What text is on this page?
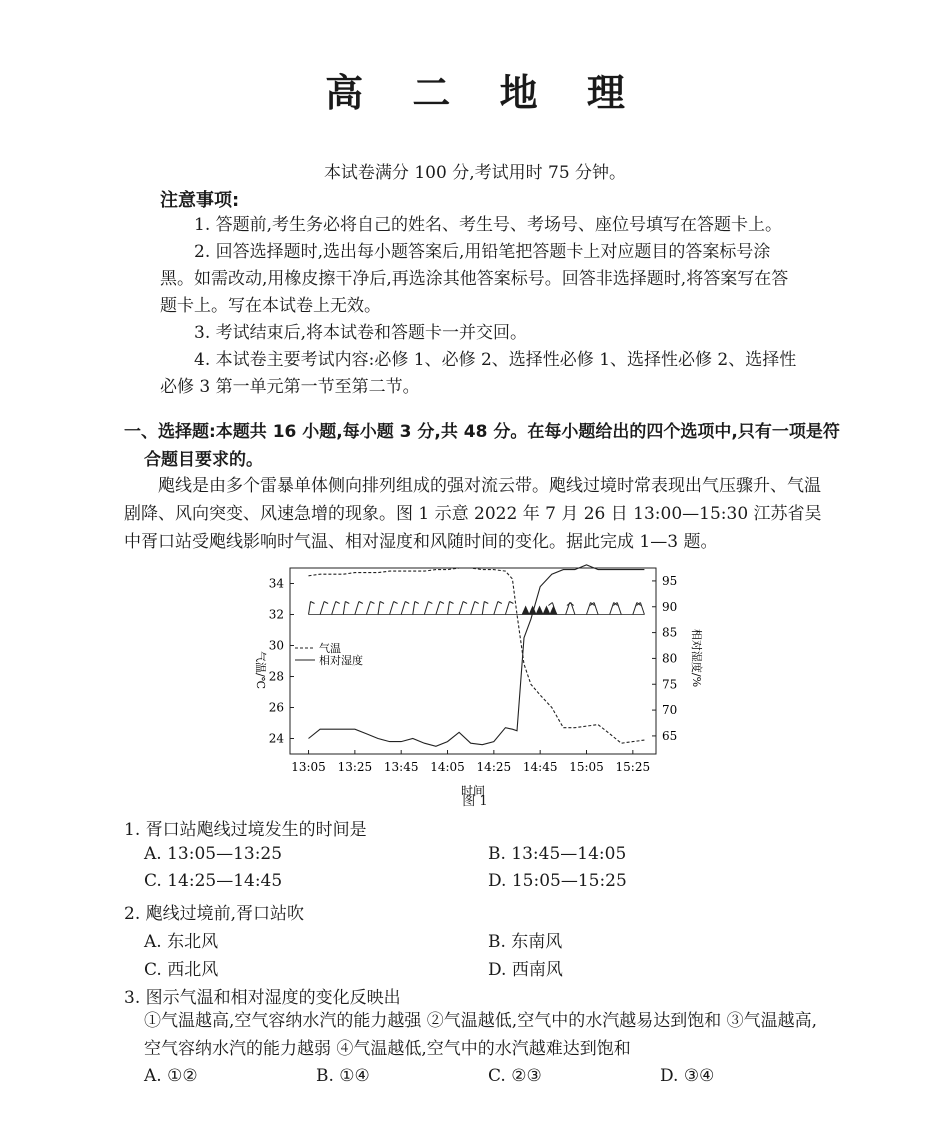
高 二 地 理
本试卷满分 100 分,考试用时 75 分钟。
注意事项:

1. 答题前,考生务必将自己的姓名、考生号、考场号、座位号填写在答题卡上。

2. 回答选择题时,选出每小题答案后,用铅笔把答题卡上对应题目的答案标号涂黑。如需改动,用橡皮擦干净后,再选涂其他答案标号。回答非选择题时,将答案写在答题卡上。写在本试卷上无效。

3. 考试结束后,将本试卷和答题卡一并交回。

4. 本试卷主要考试内容:必修 1、必修 2、选择性必修 1、选择性必修 2、选择性必修 3 第一单元第一节至第二节。

一、选择题:本题共 16 小题,每小题 3 分,共 48 分。在每小题给出的四个选项中,只有一项是符合题目要求的。
飑线是由多个雷暴单体侧向排列组成的强对流云带。飑线过境时常表现出气压骤升、气温剧降、风向突变、风速急增的现象。图 1 示意 2022 年 7 月 26 日 13:00—15:30 江苏省吴中胥口站受飑线影响时气温、相对湿度和风随时间的变化。据此完成 1—3 题。
24
26
28
30
32
34
65
70
75
80
85
90
95
13:05 13:25 13:45 14:05 14:25 14:45 15:05 15:25
气温
相对湿度
气温/℃	相对湿度/%
时间
图 1
1. 胥口站飑线过境发生的时间是
A. 13:05—13:25	B. 13:45—14:05
C. 14:25—14:45	D. 15:05—15:25
2. 飑线过境前,胥口站吹
A. 东北风	B. 东南风
C. 西北风	D. 西南风
3. 图示气温和相对湿度的变化反映出
①气温越高,空气容纳水汽的能力越强 ②气温越低,空气中的水汽越易达到饱和 ③气温越高,空气容纳水汽的能力越弱 ④气温越低,空气中的水汽越难达到饱和
A. ①②	B. ①④	C. ②③	D. ③④
